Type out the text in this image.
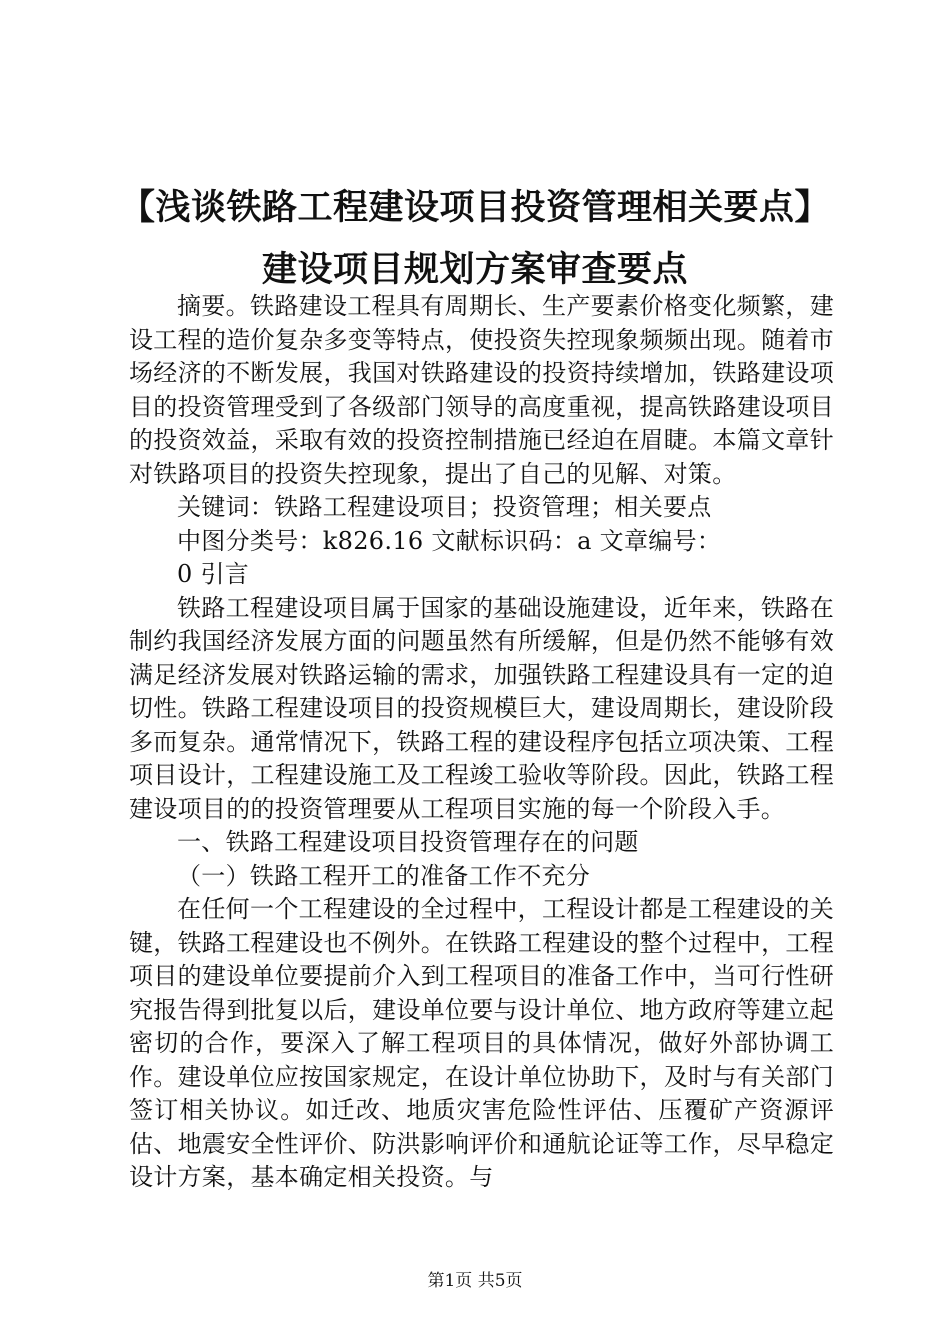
【浅谈铁路工程建设项目投资管理相关要点】
建设项目规划方案审查要点

摘要。铁路建设工程具有周期长、生产要素价格变化频繁，建设工程的造价复杂多变等特点，使投资失控现象频频出现。随着市场经济的不断发展，我国对铁路建设的投资持续增加，铁路建设项目的投资管理受到了各级部门领导的高度重视，提高铁路建设项目的投资效益，采取有效的投资控制措施已经迫在眉睫。本篇文章针对铁路项目的投资失控现象，提出了自己的见解、对策。

关键词：铁路工程建设项目；投资管理；相关要点

中图分类号：k826.16 文献标识码：a 文章编号：

0 引言

铁路工程建设项目属于国家的基础设施建设，近年来，铁路在制约我国经济发展方面的问题虽然有所缓解，但是仍然不能够有效满足经济发展对铁路运输的需求，加强铁路工程建设具有一定的迫切性。铁路工程建设项目的投资规模巨大，建设周期长，建设阶段多而复杂。通常情况下，铁路工程的建设程序包括立项决策、工程项目设计，工程建设施工及工程竣工验收等阶段。因此，铁路工程建设项目的的投资管理要从工程项目实施的每一个阶段入手。

一、铁路工程建设项目投资管理存在的问题

（一）铁路工程开工的准备工作不充分

在任何一个工程建设的全过程中，工程设计都是工程建设的关键，铁路工程建设也不例外。在铁路工程建设的整个过程中，工程项目的建设单位要提前介入到工程项目的准备工作中，当可行性研究报告得到批复以后，建设单位要与设计单位、地方政府等建立起密切的合作，要深入了解工程项目的具体情况，做好外部协调工作。建设单位应按国家规定，在设计单位协助下，及时与有关部门签订相关协议。如迁改、地质灾害危险性评估、压覆矿产资源评估、地震安全性评价、防洪影响评价和通航论证等工作，尽早稳定设计方案，基本确定相关投资。与

第1页 共5页
